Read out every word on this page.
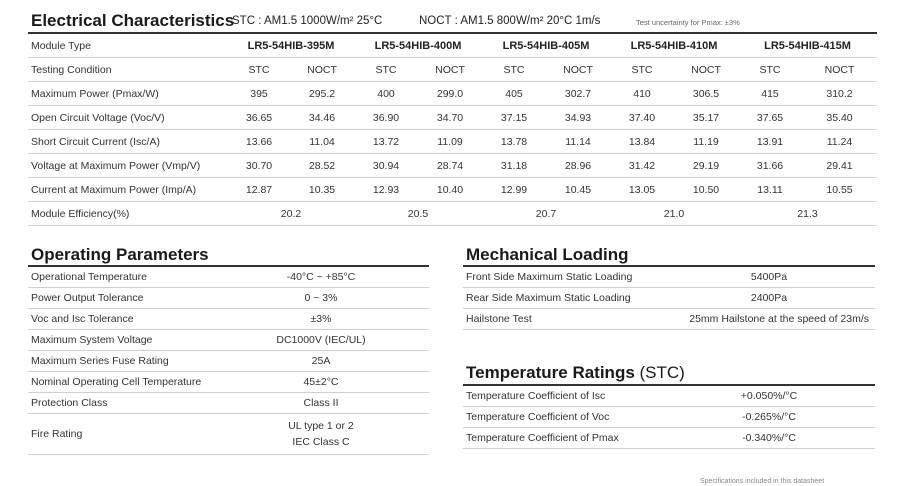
Electrical Characteristics
STC : AM1.5 1000W/m² 25°C	NOCT : AM1.5 800W/m² 20°C 1m/s	Test uncertainty for Pmax: ±3%
Module Type	LR5-54HIB-395M		LR5-54HIB-400M		LR5-54HIB-405M		LR5-54HIB-410M		LR5-54HIB-415M	
Testing Condition	STC	NOCT	STC	NOCT	STC	NOCT	STC	NOCT	STC	NOCT
Maximum Power (Pmax/W)	395	295.2	400	299.0	405	302.7	410	306.5	415	310.2
Open Circuit Voltage (Voc/V)	36.65	34.46	36.90	34.70	37.15	34.93	37.40	35.17	37.65	35.40
Short Circuit Current (Isc/A)	13.66	11.04	13.72	11.09	13.78	11.14	13.84	11.19	13.91	11.24
Voltage at Maximum Power (Vmp/V)	30.70	28.52	30.94	28.74	31.18	28.96	31.42	29.19	31.66	29.41
Current at Maximum Power (Imp/A)	12.87	10.35	12.93	10.40	12.99	10.45	13.05	10.50	13.11	10.55
Module Efficiency(%)	20.2		20.5		20.7		21.0		21.3	
Operating Parameters
Operational Temperature	-40°C ~ +85°C
Power Output Tolerance	0 ~ 3%
Voc and Isc Tolerance	±3%
Maximum System Voltage	DC1000V (IEC/UL)
Maximum Series Fuse Rating	25A
Nominal Operating Cell Temperature	45±2°C
Protection Class	Class II
Fire Rating	UL type 1 or 2
IEC Class C
Mechanical Loading
Front Side Maximum Static Loading	5400Pa
Rear Side Maximum Static Loading	2400Pa
Hailstone Test	25mm Hailstone at the speed of 23m/s
Temperature Ratings (STC)
Temperature Coefficient of Isc	+0.050%/°C
Temperature Coefficient of Voc	-0.265%/°C
Temperature Coefficient of Pmax	-0.340%/°C
Specifications included in this datasheet
